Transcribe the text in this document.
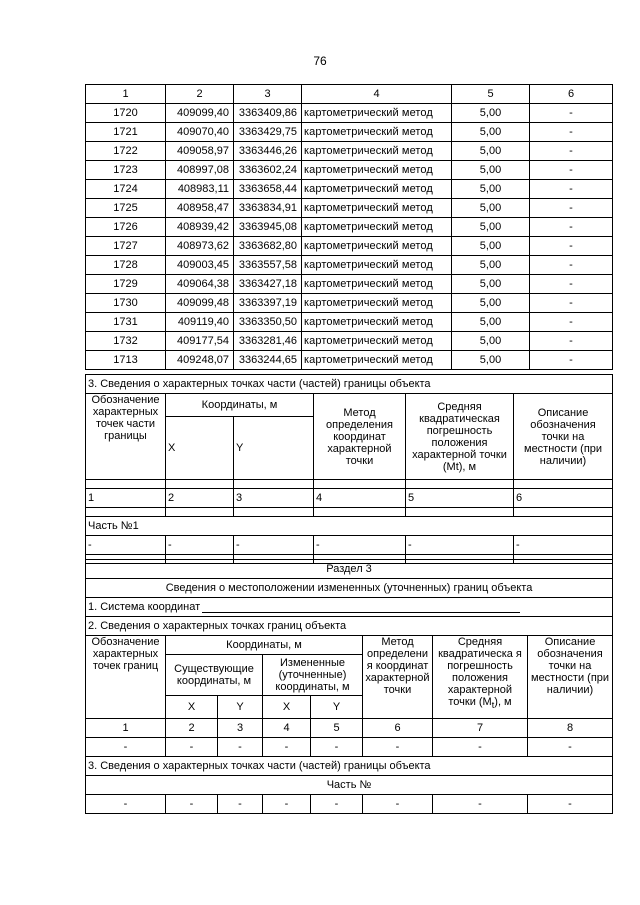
76
1	2	3	4	5	6
1720	409099,40	3363409,86	картометрический метод	5,00	-
1721	409070,40	3363429,75	картометрический метод	5,00	-
1722	409058,97	3363446,26	картометрический метод	5,00	-
1723	408997,08	3363602,24	картометрический метод	5,00	-
1724	408983,11	3363658,44	картометрический метод	5,00	-
1725	408958,47	3363834,91	картометрический метод	5,00	-
1726	408939,42	3363945,08	картометрический метод	5,00	-
1727	408973,62	3363682,80	картометрический метод	5,00	-
1728	409003,45	3363557,58	картометрический метод	5,00	-
1729	409064,38	3363427,18	картометрический метод	5,00	-
1730	409099,48	3363397,19	картометрический метод	5,00	-
1731	409119,40	3363350,50	картометрический метод	5,00	-
1732	409177,54	3363281,46	картометрический метод	5,00	-
1713	409248,07	3363244,65	картометрический метод	5,00	-
3. Сведения о характерных точках части (частей) границы объекта					
Обозначение характерных точек части границы	Координаты, м		Метод определения координат характерной точки	Средняя квадратическая погрешность положения характерной точки (Mt), м	Описание обозначения точки на местности (при наличии)
	X	Y			

1	2	3	4	5	6

Часть №1					
-	-	-	-	-	-

Раздел 3							
Сведения о местоположении измененных (уточненных) границ объекта							
1. Система координат							
2. Сведения о характерных точках границ объекта							
Обозначение характерных точек границ	Координаты, м				Метод определени я координат характерной точки	Средняя квадратическа я погрешность положения характерной точки $(M_t)$, м	Описание обозначения точки на местности (при наличии)
	Существующие координаты, м		Измененные (уточненные) координаты, м				
	X	Y	X	Y			
1	2	3	4	5	6	7	8
-	-	-	-	-	-	-	-
3. Сведения о характерных точках части (частей) границы объекта							
Часть №							
-	-	-	-	-	-	-	-
